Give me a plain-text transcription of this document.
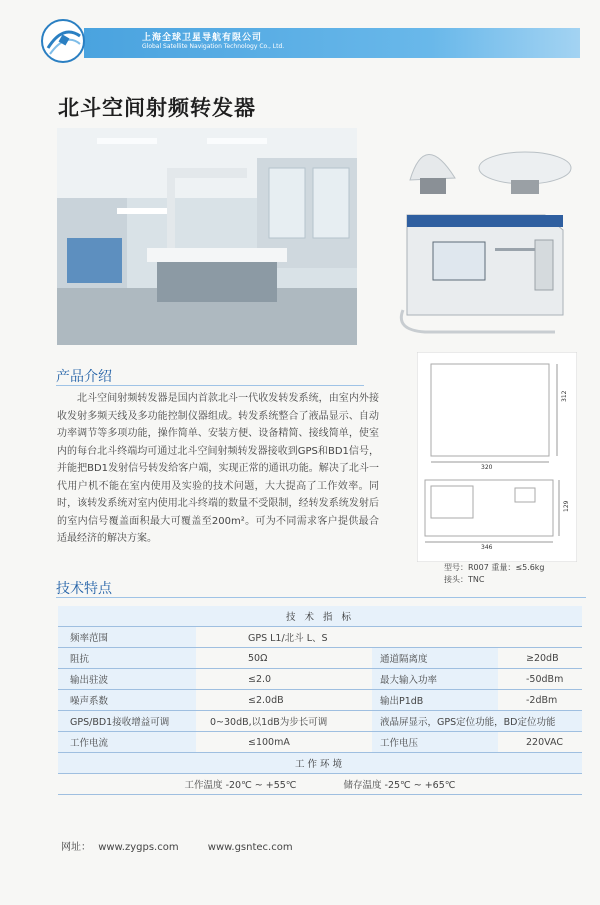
上海全球卫星导航有限公司
Global Satellite Navigation Technology Co., Ltd.
北斗空间射频转发器
产品介绍
北斗空间射频转发器是国内首款北斗一代收发转发系统，由室内外接收发射多频天线及多功能控制仪器组成。转发系统整合了液晶显示、自动功率调节等多项功能，操作简单、安装方便、设备精简、接线简单，使室内的每台北斗终端均可通过北斗空间射频转发器接收到GPS和BD1信号，并能把BD1发射信号转发给客户端，实现正常的通讯功能。解决了北斗一代用户机不能在室内使用及实验的技术问题，大大提高了工作效率。同时，该转发系统对室内使用北斗终端的数量不受限制，经转发系统发射后的室内信号覆盖面积最大可覆盖至200m²。可为不同需求客户提供最合适最经济的解决方案。
312
320
129
346
型号：R007 重量：≤5.6kg
接头：TNC
技术特点
技 术 指 标			
频率范围	GPS L1/北斗 L、S		
阻抗	50Ω	通道隔离度	≥20dB
输出驻波	≤2.0	最大输入功率	-50dBm
噪声系数	≤2.0dB	输出P1dB	-2dBm
GPS/BD1接收增益可调	0~30dB,以1dB为步长可调	液晶屏显示，GPS定位功能，BD定位功能	
工作电流	≤100mA	工作电压	220VAC
工作环境			
工作温度 -20℃ ~ +55℃ 储存温度 -25℃ ~ +65℃			
网址： www.zygps.com	www.gsntec.com
